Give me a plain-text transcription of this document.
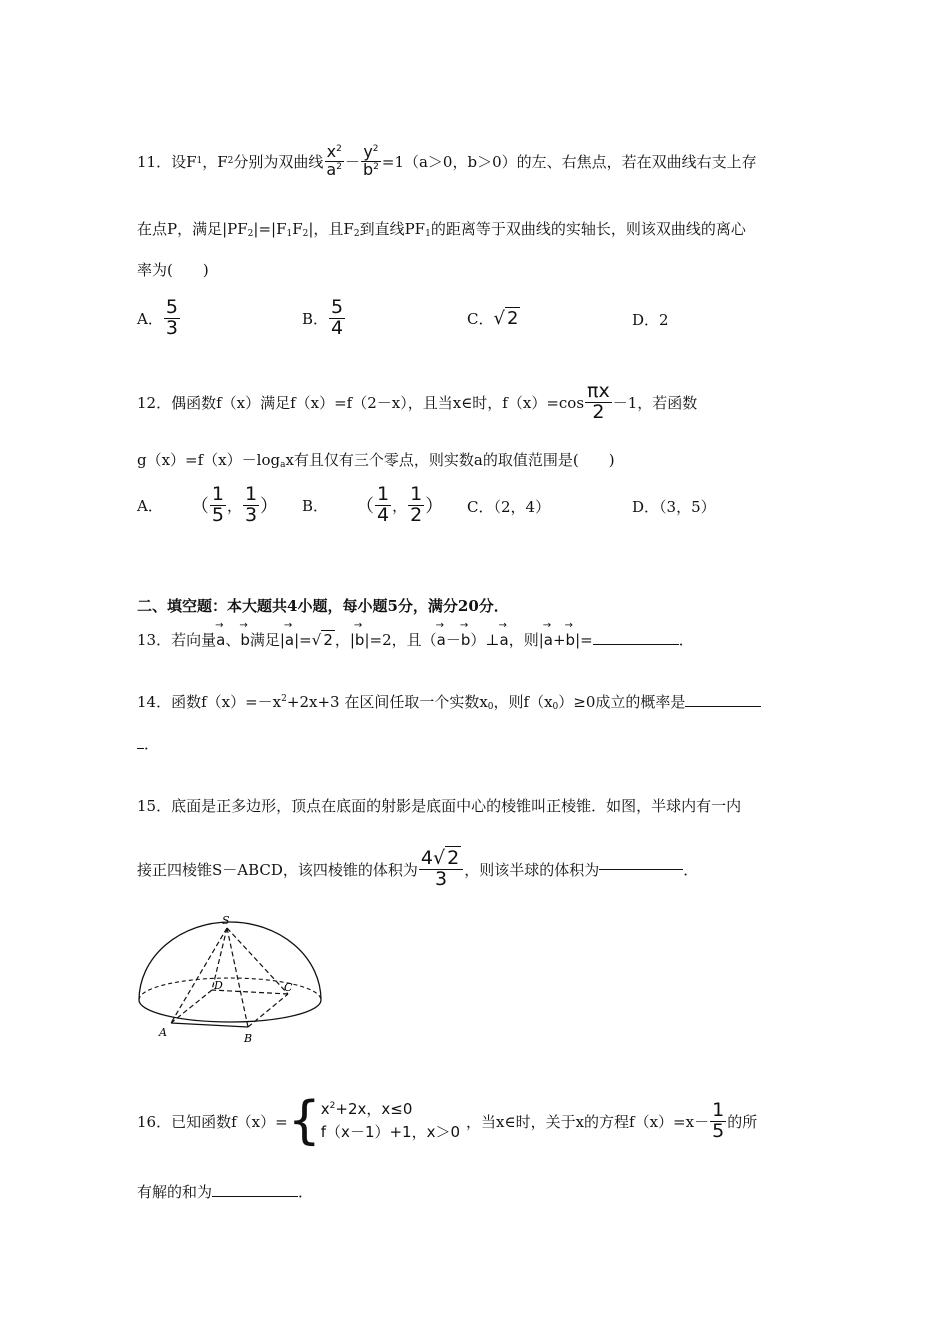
11． 设F 1 ，F 2 分别为双曲线 $\frac{x^2}{a^2} - \frac{y^2}{b^2} =1(a>0$，b＞0）的左、右焦点，若在双曲线右支上存
在点P，满足$|PF_2|=|F_1F_2|$，且$F_2$到直线$PF_1$的距离等于双曲线的实轴长，则该双曲线的离心
率为(　　)
A． $\frac{5}{3}$	B． $\frac{5}{4}$	C．√ 2	D．2
12． 偶函数f（x）满足f（x）=f（2－x），且当x∈时，$f(x)=\cos \frac{\pi x}{2} -1$，若函数
$g(x)=f(x)-\log_ax$有且仅有三个零点，则实数a的取值范围是(　　)
A． （ $\frac{1}{5}$ ， $\frac{1}{3}$ ） B． （ $\frac{1}{4}$ ， $\frac{1}{2}$ ） C．（2，4）	D．（3，5）
二、填空题：本大题共4小题，每小题5分，满分20分．
13．若向量→ a、→ b满足|→ a|=√ 2 ，|→ b|=2，且（→ a－→ b）⊥→ a，则|→ a+→ b|=	．
14．函数$f(x)=-x^2+2x+3$ 在区间任取一个实数$x_0$，则$f(x_0)\ge 0$成立的概率是
．
15．底面是正多边形，顶点在底面的射影是底面中心的棱锥叫正棱锥．如图，半球内有一内
接正四棱锥S－ABCD，该四棱锥的体积为 $\frac{4√ 2}{3}$ ，则该半球的体积为	．
S
D	C
A	B
16． 已知函数f（x）= { $x^2+2x$，x≤0
f（x－1）+1，x＞0
，当x∈时，关于x的方程$f(x)=x- \frac{1}{5}$ 的所
有解的和为	．
